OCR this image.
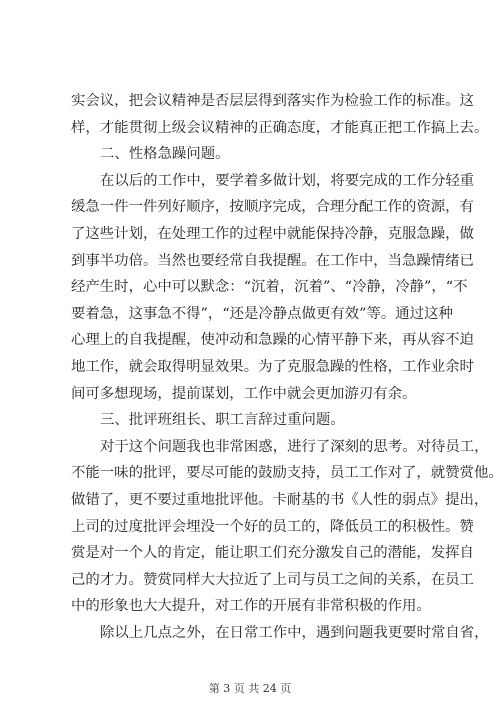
实会议，把会议精神是否层层得到落实作为检验工作的标准。这
样，才能贯彻上级会议精神的正确态度，才能真正把工作搞上去。
二、性格急躁问题。
在以后的工作中，要学着多做计划，将要完成的工作分轻重
缓急一件一件列好顺序，按顺序完成，合理分配工作的资源，有
了这些计划，在处理工作的过程中就能保持冷静，克服急躁，做
到事半功倍。当然也要经常自我提醒。在工作中，当急躁情绪已
经产生时，心中可以默念：“沉着，沉着”、“冷静，冷静”，“不
要着急，这事急不得”，“还是冷静点做更有效”等。通过这种
心理上的自我提醒，使冲动和急躁的心情平静下来，再从容不迫
地工作，就会取得明显效果。为了克服急躁的性格，工作业余时
间可多想现场，提前谋划，工作中就会更加游刃有余。
三、批评班组长、职工言辞过重问题。
对于这个问题我也非常困惑，进行了深刻的思考。对待员工，
不能一味的批评，要尽可能的鼓励支持，员工工作对了，就赞赏他。
做错了，更不要过重地批评他。卡耐基的书《人性的弱点》提出，
上司的过度批评会埋没一个好的员工的，降低员工的积极性。赞
赏是对一个人的肯定，能让职工们充分激发自己的潜能，发挥自
己的才力。赞赏同样大大拉近了上司与员工之间的关系，在员工
中的形象也大大提升，对工作的开展有非常积极的作用。
除以上几点之外，在日常工作中，遇到问题我更要时常自省，
第 3 页 共 24 页
